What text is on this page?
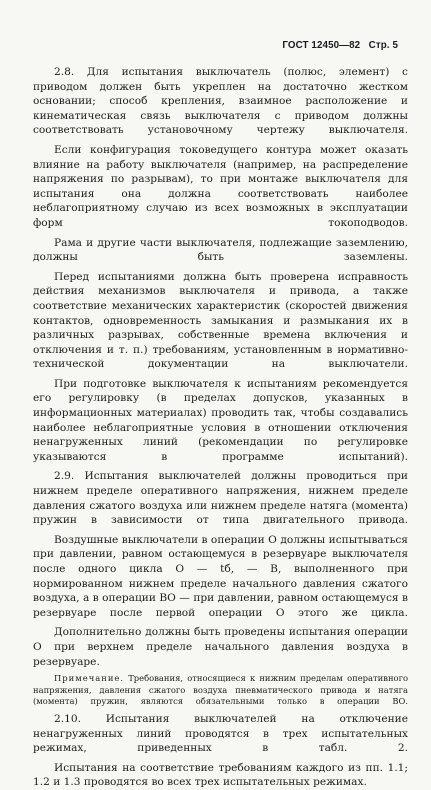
ГОСТ 12450—82 Стр. 5

2.8. Для испытания выключатель (полюс, элемент) с приводом должен быть укреплен на достаточно жестком основании; способ крепления, взаимное расположение и кинематическая связь выключателя с приводом должны соответствовать установочному чертежу выключателя.

Если конфигурация токоведущего контура может оказать влияние на работу выключателя (например, на распределение напряжения по разрывам), то при монтаже выключателя для испытания она должна соответствовать наиболее неблагоприятному случаю из всех возможных в эксплуатации форм токоподводов.

Рама и другие части выключателя, подлежащие заземлению, должны быть заземлены.

Перед испытаниями должна быть проверена исправность действия механизмов выключателя и привода, а также соответствие механических характеристик (скоростей движения контактов, одновременность замыкания и размыкания их в различных разрывах, собственные времена включения и отключения и т. п.) требованиям, установленным в нормативно-технической документации на выключатели.

При подготовке выключателя к испытаниям рекомендуется его регулировку (в пределах допусков, указанных в информационных материалах) проводить так, чтобы создавались наиболее неблагоприятные условия в отношении отключения ненагруженных линий (рекомендации по регулировке указываются в программе испытаний).

2.9. Испытания выключателей должны проводиться при нижнем пределе оперативного напряжения, нижнем пределе давления сжатого воздуха или нижнем пределе натяга (момента) пружин в зависимости от типа двигательного привода.

Воздушные выключатели в операции О должны испытываться при давлении, равном остающемуся в резервуаре выключателя после одного цикла О — tб, — В, выполненного при нормированном нижнем пределе начального давления сжатого воздуха, а в операции ВО — при давлении, равном остающемуся в резервуаре после первой операции О этого же цикла.

Дополнительно должны быть проведены испытания операции О при верхнем пределе начального давления воздуха в резервуаре.

Примечание. Требования, относящиеся к нижним пределам оперативного напряжения, давления сжатого воздуха пневматического привода и натяга (момента) пружин, являются обязательными только в операции ВО.

2.10. Испытания выключателей на отключение ненагруженных линий проводятся в трех испытательных режимах, приведенных в табл. 2.

Испытания на соответствие требованиям каждого из пп. 1.1; 1.2 и 1.3 проводятся во всех трех испытательных режимах.
